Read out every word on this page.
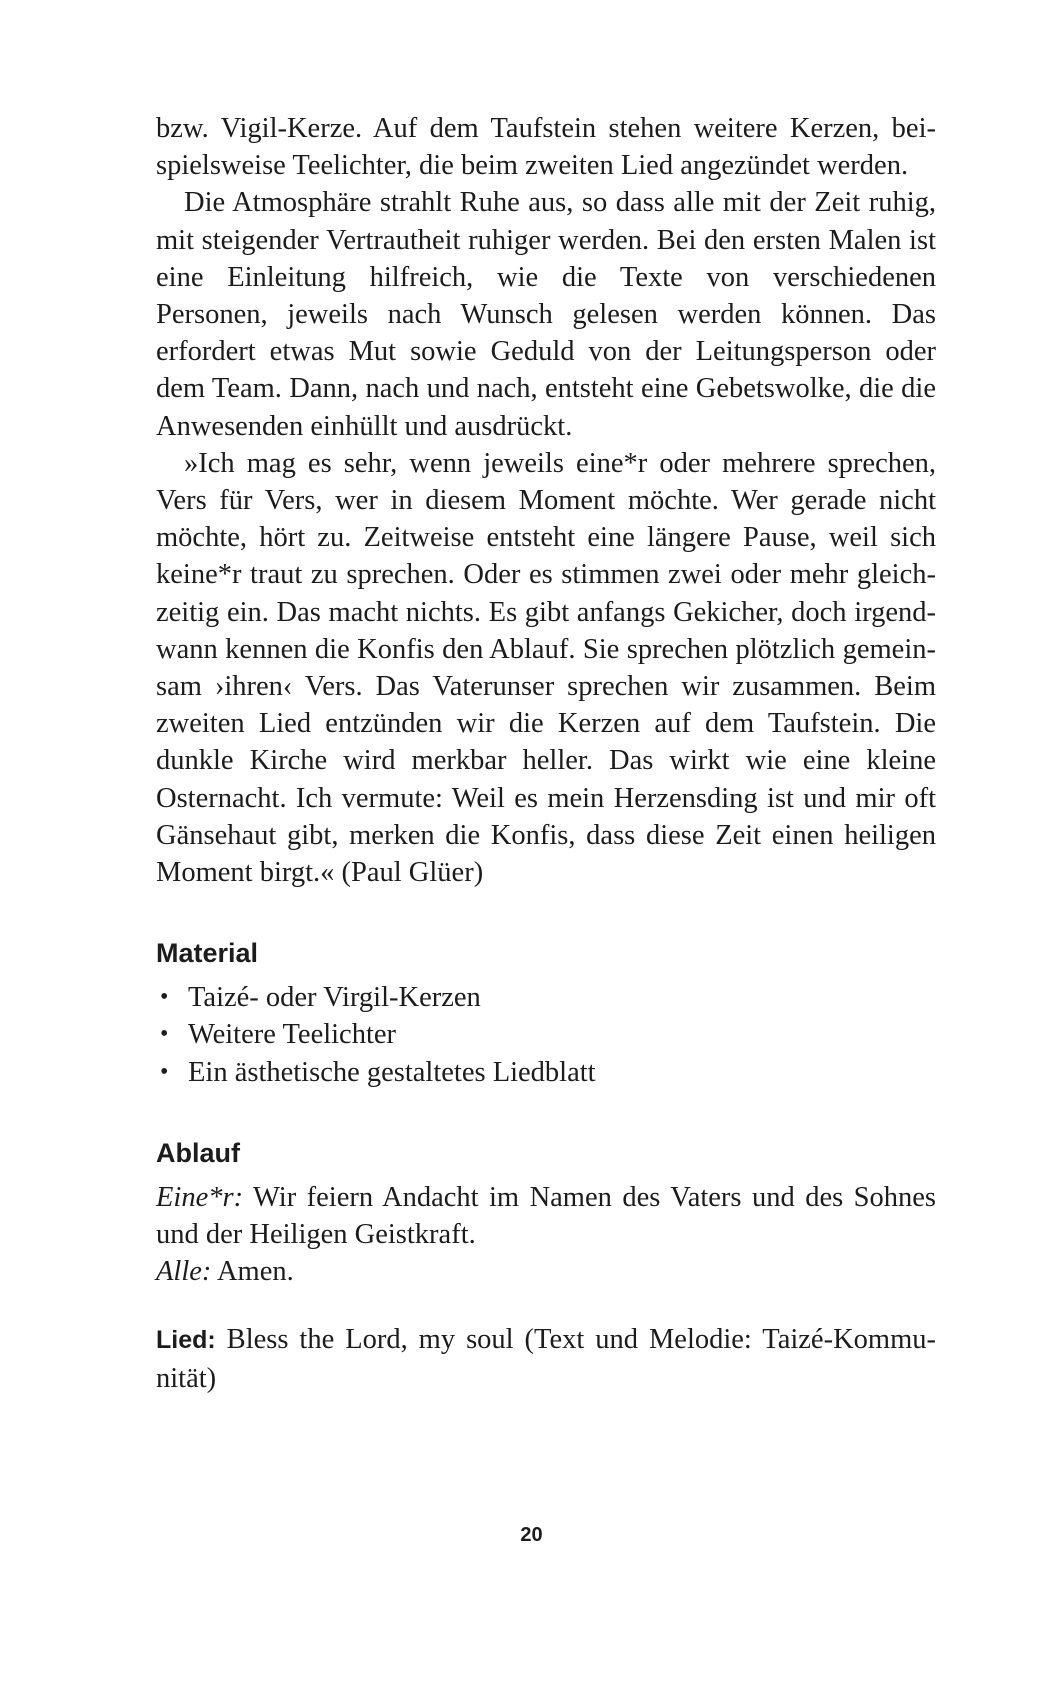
bzw. Vigil-Kerze. Auf dem Taufstein stehen weitere Kerzen, beispielsweise Teelichter, die beim zweiten Lied angezündet werden.

Die Atmosphäre strahlt Ruhe aus, so dass alle mit der Zeit ruhig, mit steigender Vertrautheit ruhiger werden. Bei den ersten Malen ist eine Einleitung hilfreich, wie die Texte von verschiedenen Personen, jeweils nach Wunsch gelesen werden können. Das erfordert etwas Mut sowie Geduld von der Leitungsperson oder dem Team. Dann, nach und nach, entsteht eine Gebetswolke, die die Anwesenden einhüllt und ausdrückt.

»Ich mag es sehr, wenn jeweils eine*r oder mehrere sprechen, Vers für Vers, wer in diesem Moment möchte. Wer gerade nicht möchte, hört zu. Zeitweise entsteht eine längere Pause, weil sich keine*r traut zu sprechen. Oder es stimmen zwei oder mehr gleichzeitig ein. Das macht nichts. Es gibt anfangs Gekicher, doch irgendwann kennen die Konfis den Ablauf. Sie sprechen plötzlich gemeinsam ›ihren‹ Vers. Das Vaterunser sprechen wir zusammen. Beim zweiten Lied entzünden wir die Kerzen auf dem Taufstein. Die dunkle Kirche wird merkbar heller. Das wirkt wie eine kleine Osternacht. Ich vermute: Weil es mein Herzensding ist und mir oft Gänsehaut gibt, merken die Konfis, dass diese Zeit einen heiligen Moment birgt.« (Paul Glüer)

Material
• Taizé- oder Virgil-Kerzen
• Weitere Teelichter
• Ein ästhetische gestaltetes Liedblatt
Ablauf

Eine*r: Wir feiern Andacht im Namen des Vaters und des Sohnes und der Heiligen Geistkraft.

Alle: Amen.

Lied: Bless the Lord, my soul (Text und Melodie: Taizé-Kommunität)

20
